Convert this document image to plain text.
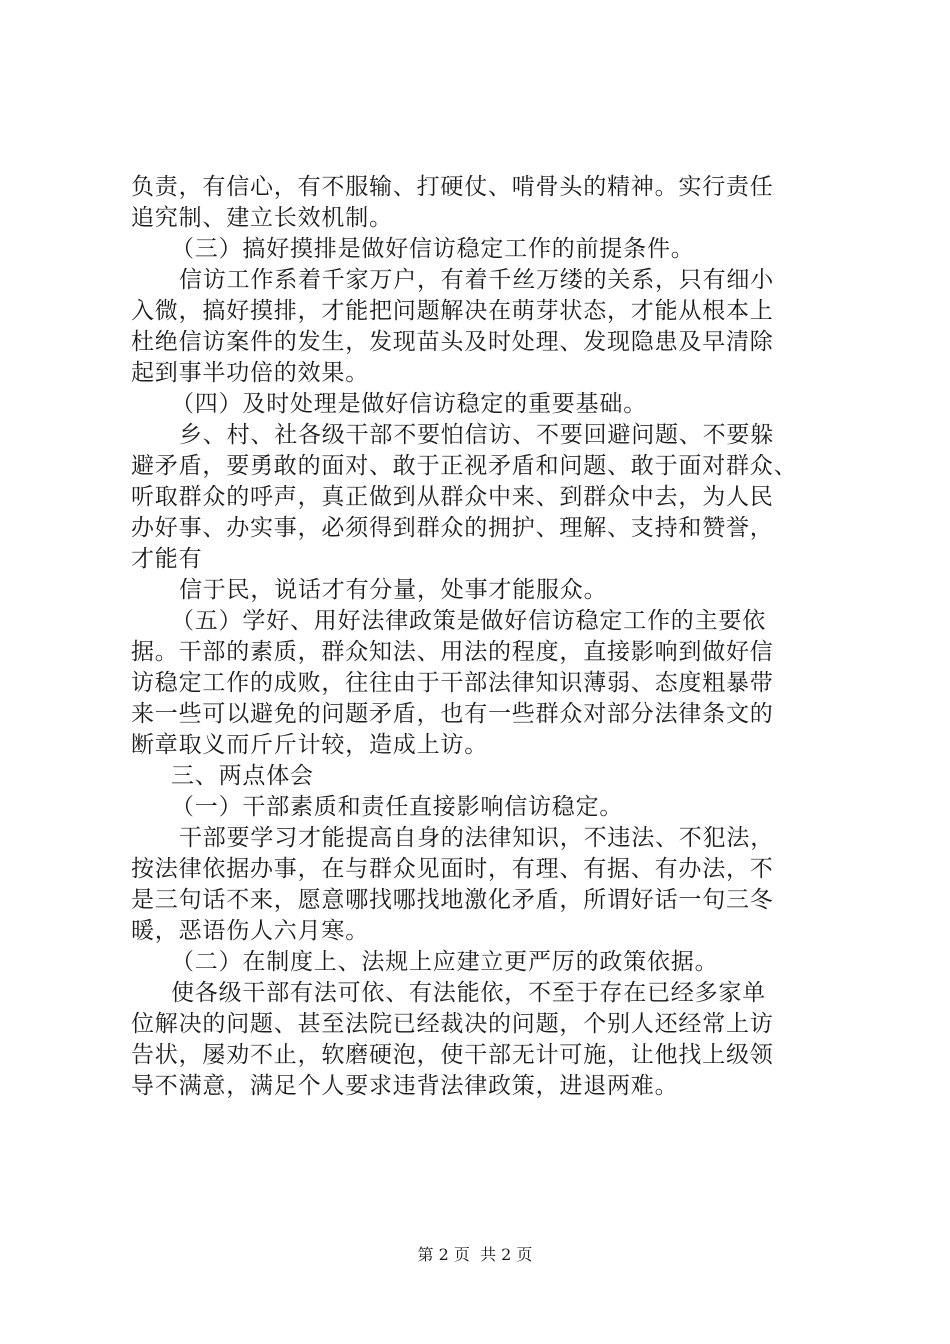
负责，有信心，有不服输、打硬仗、啃骨头的精神。实行责任
追究制、建立长效机制。
（三）搞好摸排是做好信访稳定工作的前提条件。
信访工作系着千家万户，有着千丝万缕的关系，只有细小
入微，搞好摸排，才能把问题解决在萌芽状态，才能从根本上
杜绝信访案件的发生，发现苗头及时处理、发现隐患及早清除
起到事半功倍的效果。
（四）及时处理是做好信访稳定的重要基础。
乡、村、社各级干部不要怕信访、不要回避问题、不要躲
避矛盾，要勇敢的面对、敢于正视矛盾和问题、敢于面对群众、
听取群众的呼声，真正做到从群众中来、到群众中去，为人民
办好事、办实事，必须得到群众的拥护、理解、支持和赞誉，
才能有
信于民，说话才有分量，处事才能服众。
（五）学好、用好法律政策是做好信访稳定工作的主要依
据。干部的素质，群众知法、用法的程度，直接影响到做好信
访稳定工作的成败，往往由于干部法律知识薄弱、态度粗暴带
来一些可以避免的问题矛盾，也有一些群众对部分法律条文的
断章取义而斤斤计较，造成上访。
三、两点体会
（一）干部素质和责任直接影响信访稳定。
干部要学习才能提高自身的法律知识，不违法、不犯法，
按法律依据办事，在与群众见面时，有理、有据、有办法，不
是三句话不来，愿意哪找哪找地激化矛盾，所谓好话一句三冬
暖，恶语伤人六月寒。
（二）在制度上、法规上应建立更严厉的政策依据。
使各级干部有法可依、有法能依，不至于存在已经多家单
位解决的问题、甚至法院已经裁决的问题，个别人还经常上访
告状，屡劝不止，软磨硬泡，使干部无计可施，让他找上级领
导不满意，满足个人要求违背法律政策，进退两难。
第 2 页  共 2 页
